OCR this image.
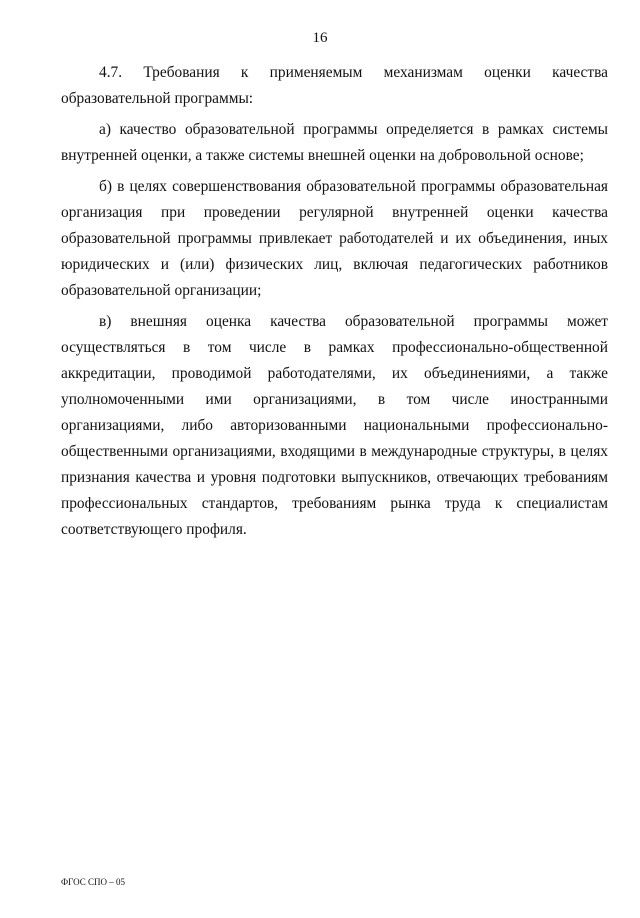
16

4.7. Требования к применяемым механизмам оценки качества образовательной программы:

а) качество образовательной программы определяется в рамках системы внутренней оценки, а также системы внешней оценки на добровольной основе;

б) в целях совершенствования образовательной программы образовательная организация при проведении регулярной внутренней оценки качества образовательной программы привлекает работодателей и их объединения, иных юридических и (или) физических лиц, включая педагогических работников образовательной организации;

в) внешняя оценка качества образовательной программы может осуществляться в том числе в рамках профессионально-общественной аккредитации, проводимой работодателями, их объединениями, а также уполномоченными ими организациями, в том числе иностранными организациями, либо авторизованными национальными профессионально-общественными организациями, входящими в международные структуры, в целях признания качества и уровня подготовки выпускников, отвечающих требованиям профессиональных стандартов, требованиям рынка труда к специалистам соответствующего профиля.

ФГОС СПО – 05
